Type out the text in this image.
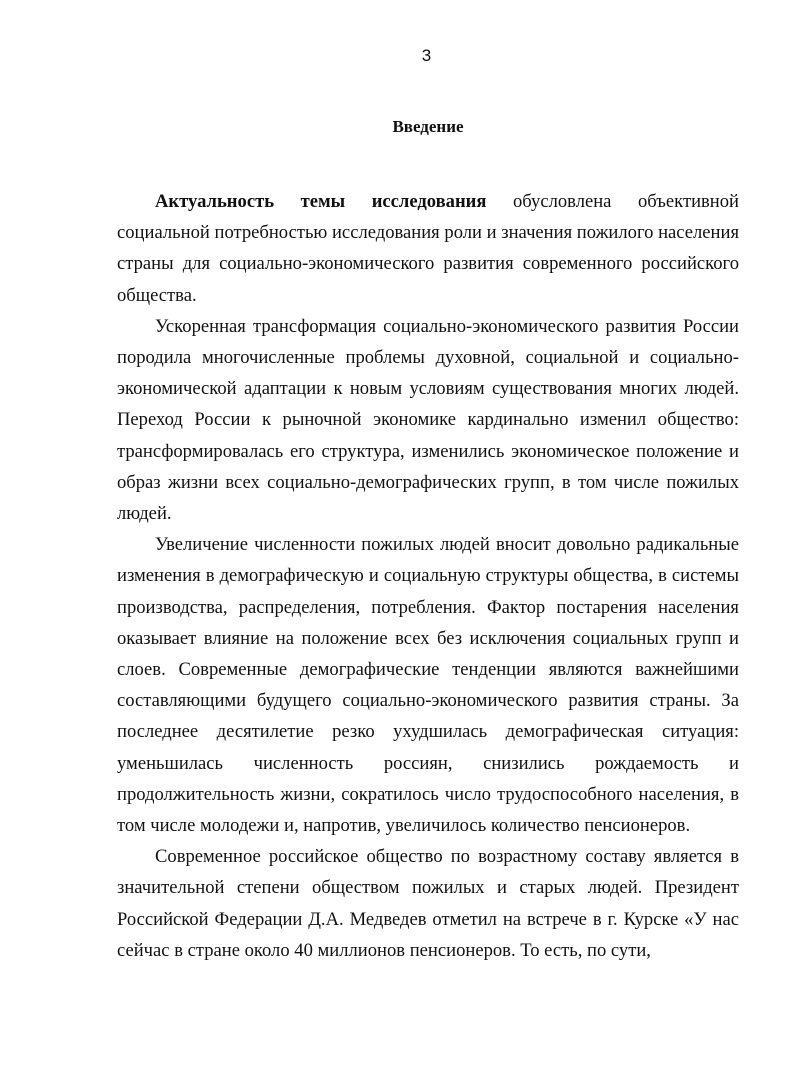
3
Введение

Актуальность темы исследования обусловлена объективной социальной потребностью исследования роли и значения пожилого населения страны для социально-экономического развития современного российского общества.

Ускоренная трансформация социально-экономического развития России породила многочисленные проблемы духовной, социальной и социально-экономической адаптации к новым условиям существования многих людей. Переход России к рыночной экономике кардинально изменил общество: трансформировалась его структура, изменились экономическое положение и образ жизни всех социально-демографических групп, в том числе пожилых людей.

Увеличение численности пожилых людей вносит довольно радикальные изменения в демографическую и социальную структуры общества, в системы производства, распределения, потребления. Фактор постарения населения оказывает влияние на положение всех без исключения социальных групп и слоев. Современные демографические тенденции являются важнейшими составляющими будущего социально-экономического развития страны. За последнее десятилетие резко ухудшилась демографическая ситуация: уменьшилась численность россиян, снизились рождаемость и продолжительность жизни, сократилось число трудоспособного населения, в том числе молодежи и, напротив, увеличилось количество пенсионеров.

Современное российское общество по возрастному составу является в значительной степени обществом пожилых и старых людей. Президент Российской Федерации Д.А. Медведев отметил на встрече в г. Курске «У нас сейчас в стране около 40 миллионов пенсионеров. То есть, по сути,
